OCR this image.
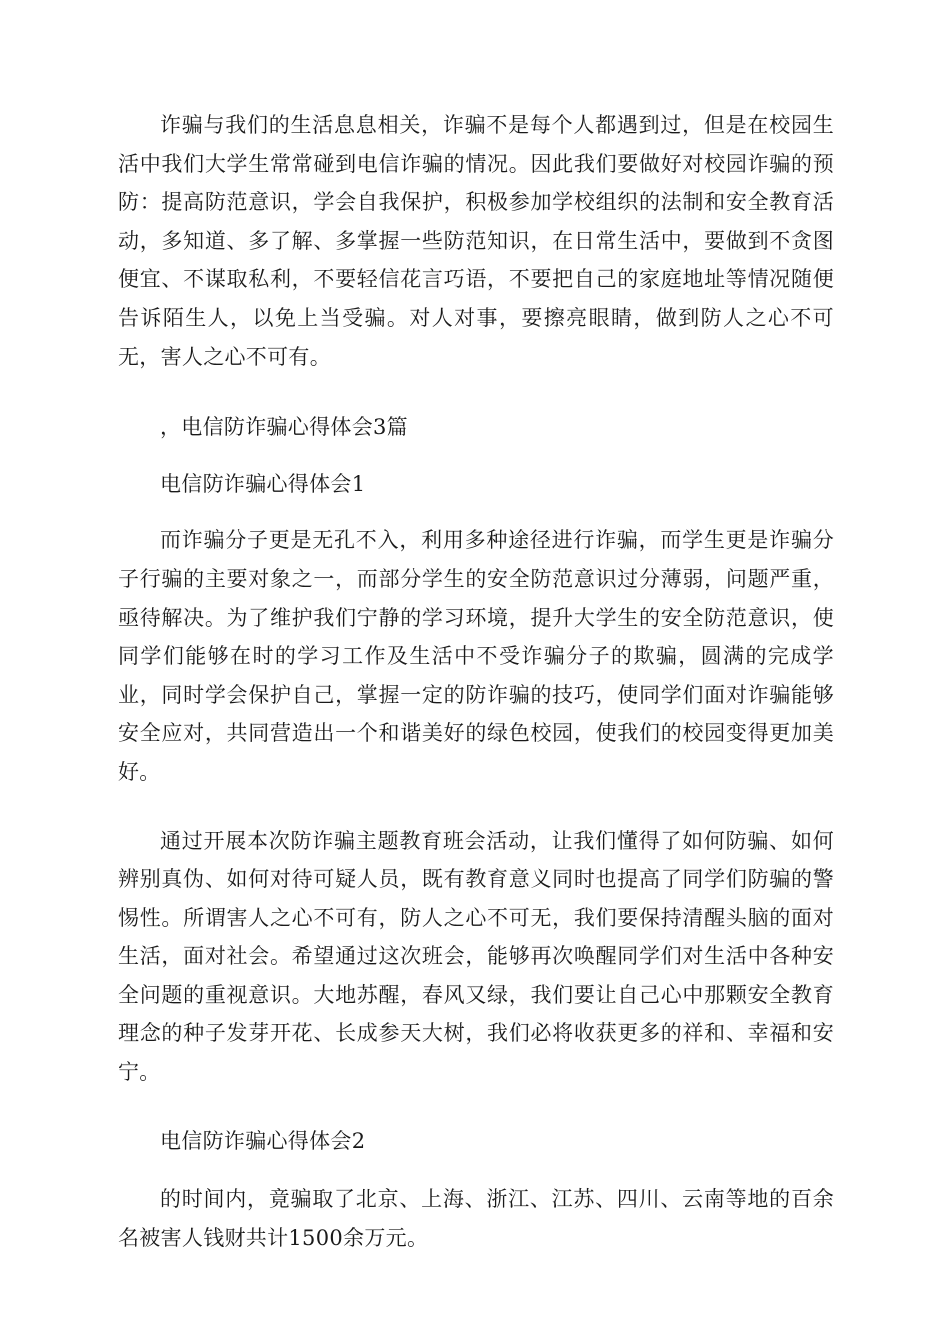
诈骗与我们的生活息息相关，诈骗不是每个人都遇到过，但是在校园生活中我们大学生常常碰到电信诈骗的情况。因此我们要做好对校园诈骗的预防：提高防范意识，学会自我保护，积极参加学校组织的法制和安全教育活动，多知道、多了解、多掌握一些防范知识，在日常生活中，要做到不贪图便宜、不谋取私利，不要轻信花言巧语，不要把自己的家庭地址等情况随便告诉陌生人，以免上当受骗。对人对事，要擦亮眼睛，做到防人之心不可无，害人之心不可有。

，电信防诈骗心得体会3篇

电信防诈骗心得体会1

而诈骗分子更是无孔不入，利用多种途径进行诈骗，而学生更是诈骗分子行骗的主要对象之一，而部分学生的安全防范意识过分薄弱，问题严重，亟待解决。为了维护我们宁静的学习环境，提升大学生的安全防范意识，使同学们能够在时的学习工作及生活中不受诈骗分子的欺骗，圆满的完成学业，同时学会保护自己，掌握一定的防诈骗的技巧，使同学们面对诈骗能够安全应对，共同营造出一个和谐美好的绿色校园，使我们的校园变得更加美好。

通过开展本次防诈骗主题教育班会活动，让我们懂得了如何防骗、如何辨别真伪、如何对待可疑人员，既有教育意义同时也提高了同学们防骗的警惕性。所谓害人之心不可有，防人之心不可无，我们要保持清醒头脑的面对生活，面对社会。希望通过这次班会，能够再次唤醒同学们对生活中各种安全问题的重视意识。大地苏醒，春风又绿，我们要让自己心中那颗安全教育理念的种子发芽开花、长成参天大树，我们必将收获更多的祥和、幸福和安宁。

电信防诈骗心得体会2

的时间内，竟骗取了北京、上海、浙江、江苏、四川、云南等地的百余名被害人钱财共计1500余万元。
